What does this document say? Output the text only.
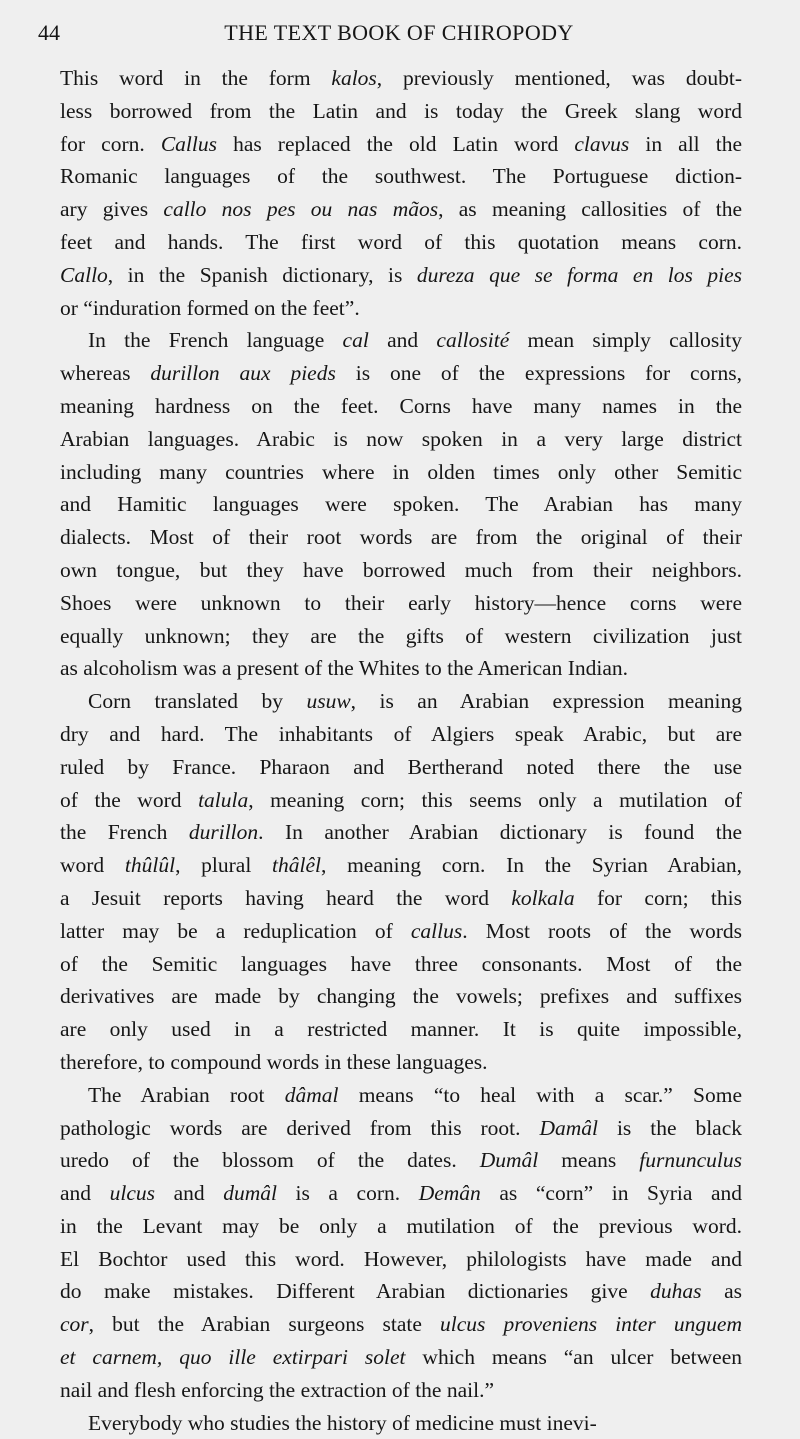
44	THE TEXT BOOK OF CHIROPODY
This word in the form kalos, previously mentioned, was doubt-
less borrowed from the Latin and is today the Greek slang word
for corn. Callus has replaced the old Latin word clavus in all the
Romanic languages of the southwest. The Portuguese diction-
ary gives callo nos pes ou nas mãos, as meaning callosities of the
feet and hands. The first word of this quotation means corn.
Callo, in the Spanish dictionary, is dureza que se forma en los pies
or “induration formed on the feet”.
In the French language cal and callosité mean simply callosity
whereas durillon aux pieds is one of the expressions for corns,
meaning hardness on the feet. Corns have many names in the
Arabian languages. Arabic is now spoken in a very large district
including many countries where in olden times only other Semitic
and Hamitic languages were spoken. The Arabian has many
dialects. Most of their root words are from the original of their
own tongue, but they have borrowed much from their neighbors.
Shoes were unknown to their early history—hence corns were
equally unknown; they are the gifts of western civilization just
as alcoholism was a present of the Whites to the American Indian.
Corn translated by usuw, is an Arabian expression meaning
dry and hard. The inhabitants of Algiers speak Arabic, but are
ruled by France. Pharaon and Bertherand noted there the use
of the word talula, meaning corn; this seems only a mutilation of
the French durillon. In another Arabian dictionary is found the
word thûlûl, plural thâlêl, meaning corn. In the Syrian Arabian,
a Jesuit reports having heard the word kolkala for corn; this
latter may be a reduplication of callus. Most roots of the words
of the Semitic languages have three consonants. Most of the
derivatives are made by changing the vowels; prefixes and suffixes
are only used in a restricted manner. It is quite impossible,
therefore, to compound words in these languages.
The Arabian root dâmal means “to heal with a scar.” Some
pathologic words are derived from this root. Damâl is the black
uredo of the blossom of the dates. Dumâl means furnunculus
and ulcus and dumâl is a corn. Demân as “corn” in Syria and
in the Levant may be only a mutilation of the previous word.
El Bochtor used this word. However, philologists have made and
do make mistakes. Different Arabian dictionaries give duhas as
cor, but the Arabian surgeons state ulcus proveniens inter unguem
et carnem, quo ille extirpari solet which means “an ulcer between
nail and flesh enforcing the extraction of the nail.”
Everybody who studies the history of medicine must inevi-
